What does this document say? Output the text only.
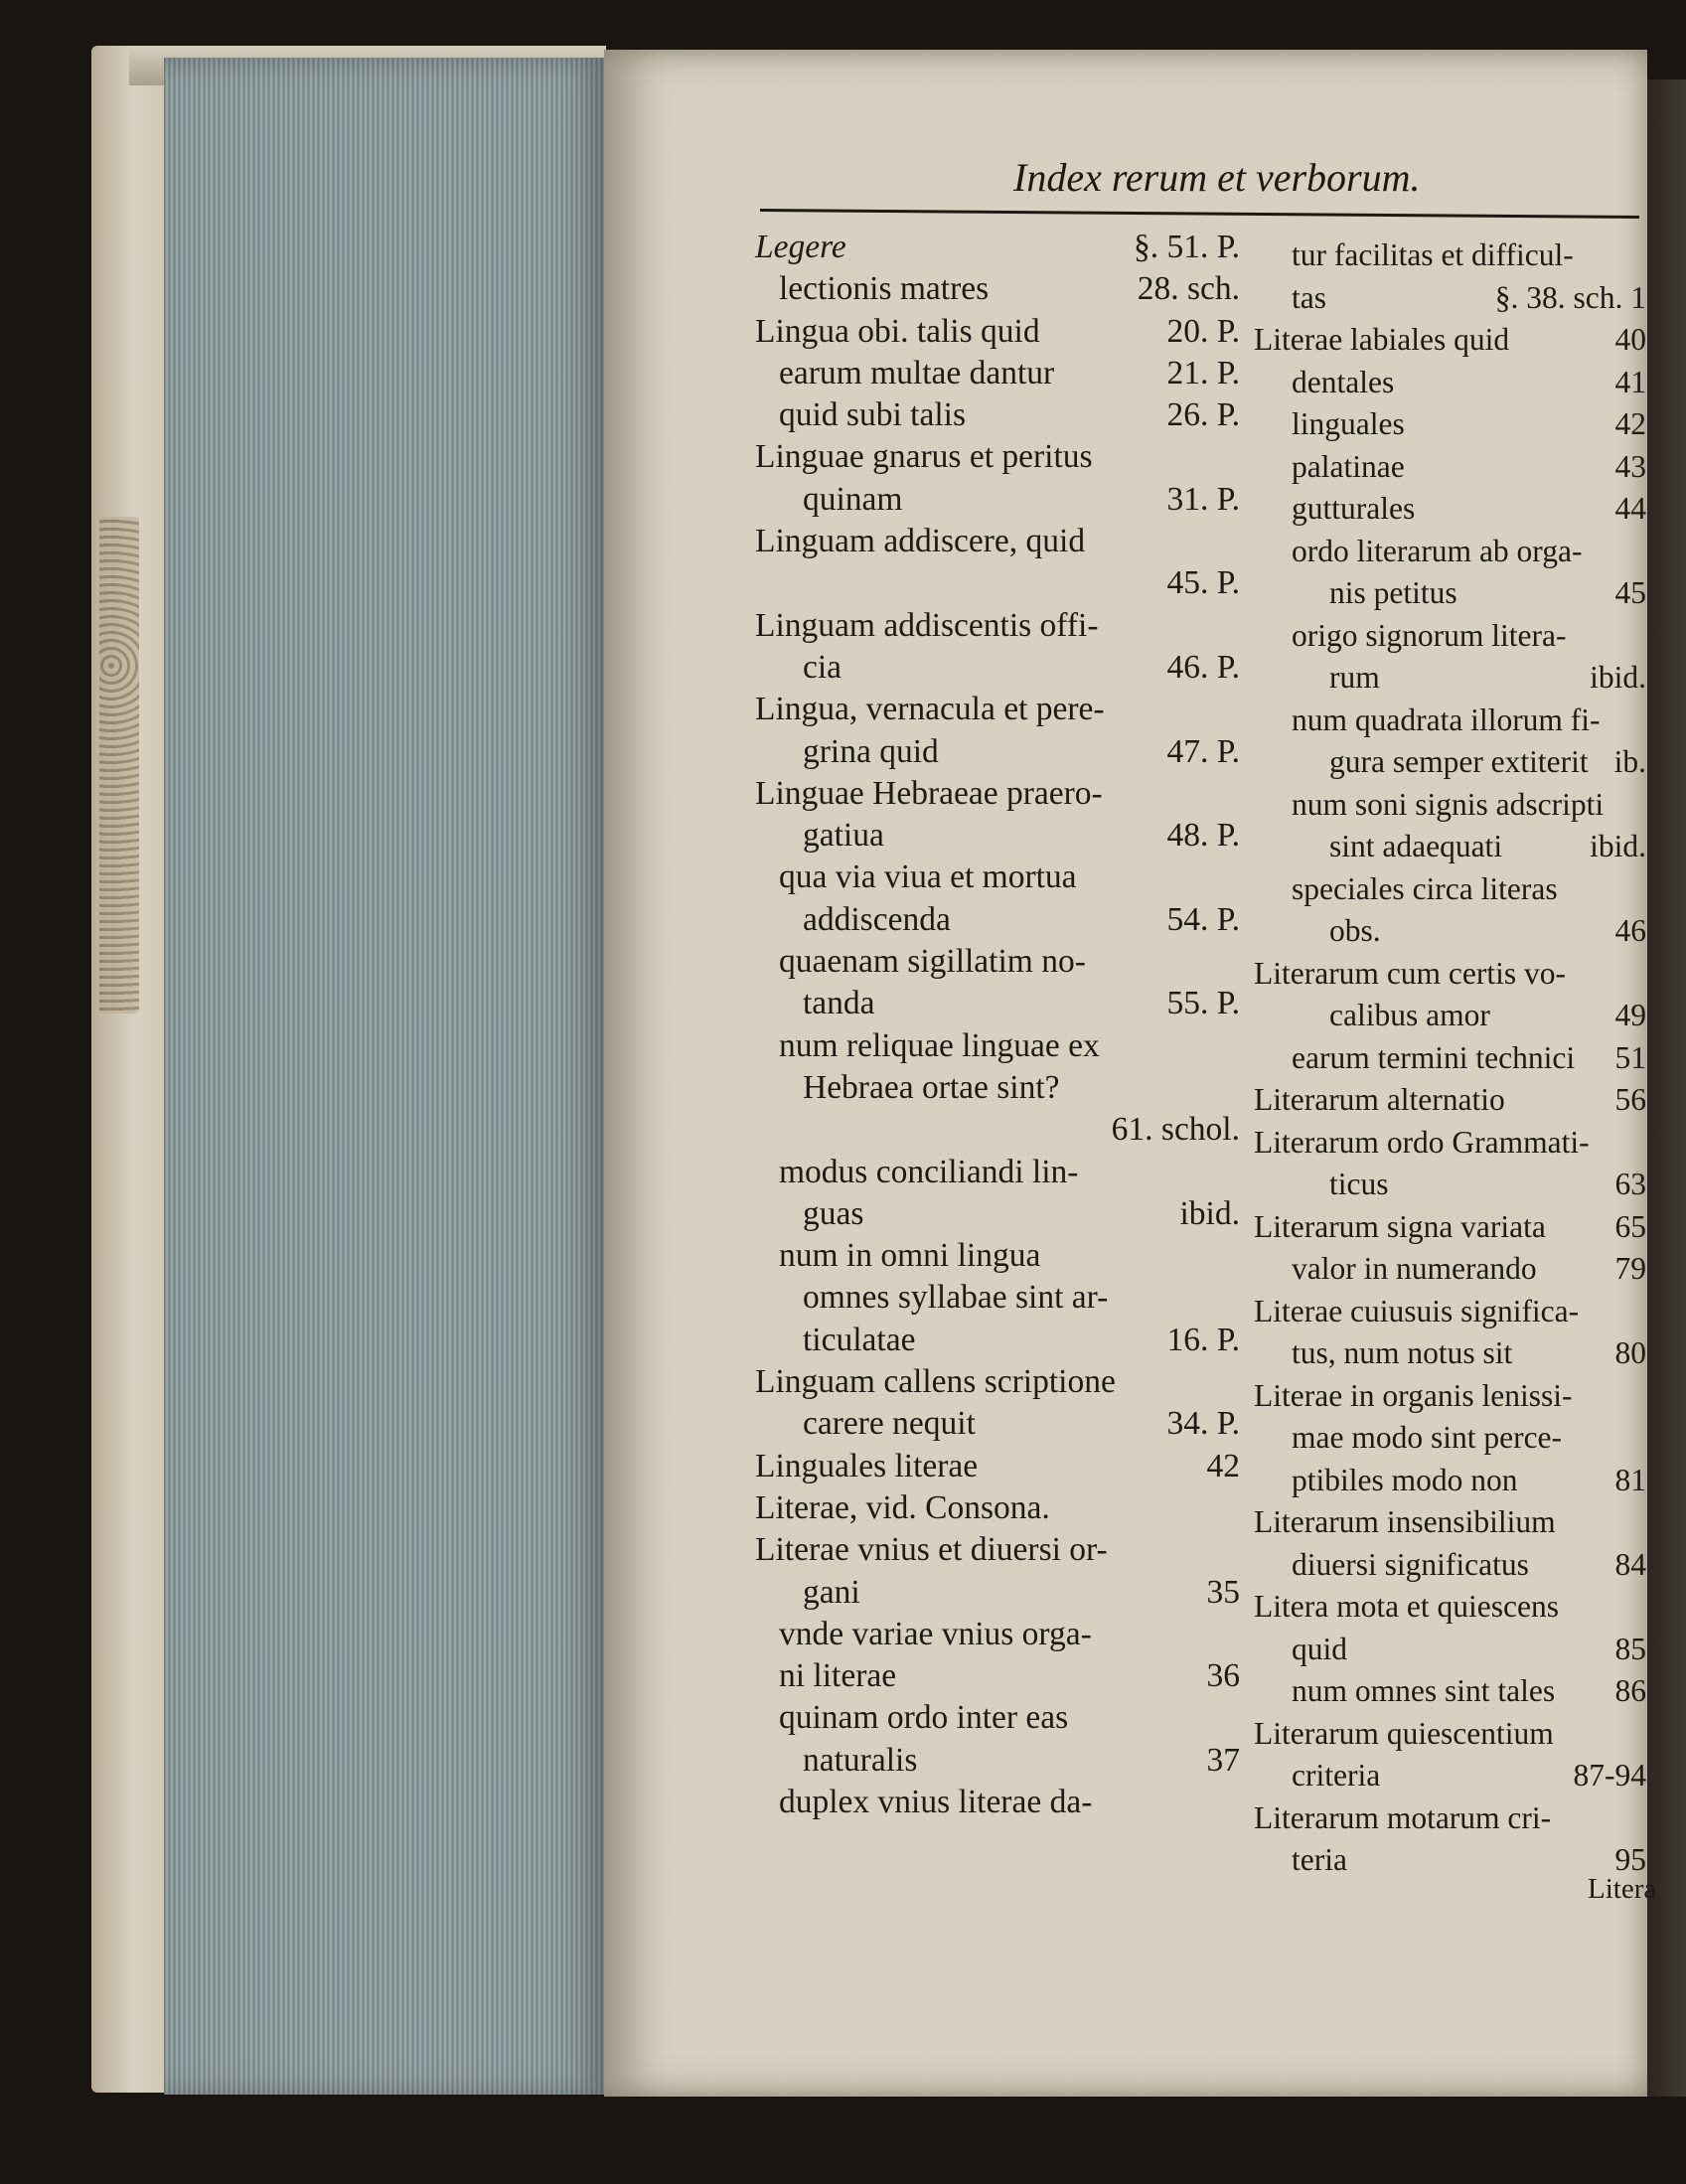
Index rerum et verborum.
Legere	§. 51. P.
lectionis matres	28. sch.
Lingua obi. talis quid	20. P.
earum multae dantur	21. P.
quid subi talis	26. P.
Linguae gnarus et peritus
quinam	31. P.
Linguam addiscere, quid
45. P.
Linguam addiscentis offi-
cia	46. P.
Lingua, vernacula et pere-
grina quid	47. P.
Linguae Hebraeae praero-
gatiua	48. P.
qua via viua et mortua
addiscenda	54. P.
quaenam sigillatim no-
tanda	55. P.
num reliquae linguae ex
Hebraea ortae sint?
61. schol.
modus conciliandi lin-
guas	ibid.
num in omni lingua
omnes syllabae sint ar-
ticulatae	16. P.
Linguam callens scriptione
carere nequit	34. P.
Linguales literae	42
Literae, vid. Consona.
Literae vnius et diuersi or-
gani	35
vnde variae vnius orga-
ni literae	36
quinam ordo inter eas
naturalis	37
duplex vnius literae da-
tur facilitas et difficul-
tas	§. 38. sch. 1
Literae labiales quid	40
dentales	41
linguales	42
palatinae	43
gutturales	44
ordo literarum ab orga-
nis petitus	45
origo signorum litera-
rum	ibid.
num quadrata illorum fi-
gura semper extiterit ib.
num soni signis adscripti
sint adaequati	ibid.
speciales circa literas
obs.	46
Literarum cum certis vo-
calibus amor	49
earum termini technici 51
Literarum alternatio	56
Literarum ordo Grammati-
ticus	63
Literarum signa variata 65
valor in numerando	79
Literae cuiusuis significa-
tus, num notus sit	80
Literae in organis lenissi-
mae modo sint perce-
ptibiles modo non	81
Literarum insensibilium
diuersi significatus	84
Litera mota et quiescens
quid	85
num omnes sint tales 86
Literarum quiescentium
criteria	87-94
Literarum motarum cri-
teria	95
Litera
